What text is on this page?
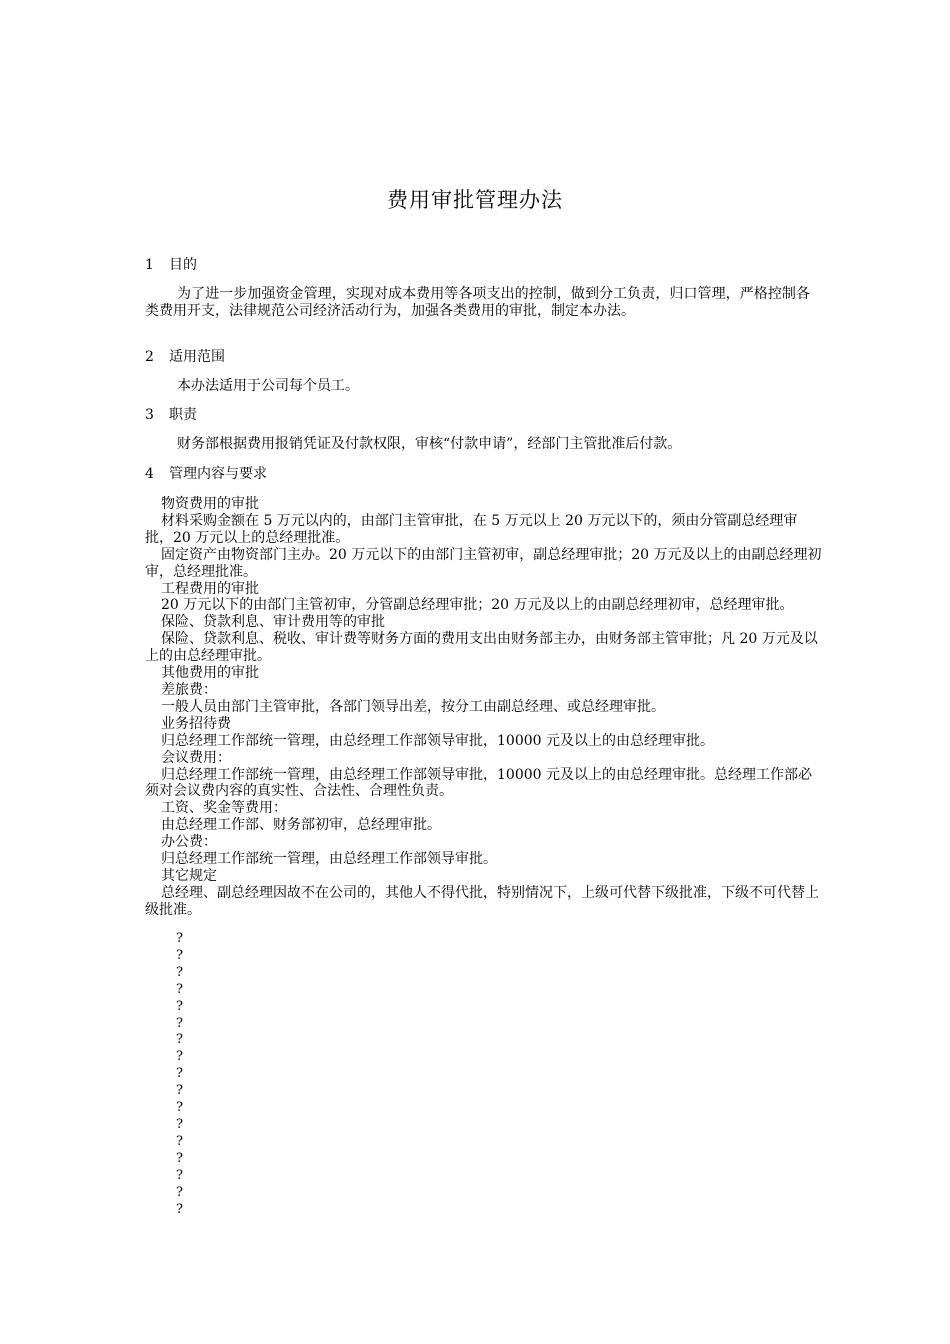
费用审批管理办法
1 目的
为了进一步加强资金管理，实现对成本费用等各项支出的控制，做到分工负责，归口管理，严格控制各类费用开支，法律规范公司经济活动行为，加强各类费用的审批，制定本办法。
2 适用范围
本办法适用于公司每个员工。
3 职责
财务部根据费用报销凭证及付款权限，审核“付款申请”，经部门主管批准后付款。
4 管理内容与要求
物资费用的审批
材料采购金额在 5 万元以内的，由部门主管审批，在 5 万元以上 20 万元以下的，须由分管副总经理审批，20 万元以上的总经理批准。
固定资产由物资部门主办。20 万元以下的由部门主管初审，副总经理审批；20 万元及以上的由副总经理初审，总经理批准。
工程费用的审批
20 万元以下的由部门主管初审，分管副总经理审批；20 万元及以上的由副总经理初审，总经理审批。
保险、贷款利息、审计费用等的审批
保险、贷款利息、税收、审计费等财务方面的费用支出由财务部主办，由财务部主管审批；凡 20 万元及以上的由总经理审批。
其他费用的审批
差旅费：
一般人员由部门主管审批，各部门领导出差，按分工由副总经理、或总经理审批。
业务招待费
归总经理工作部统一管理，由总经理工作部领导审批，10000 元及以上的由总经理审批。
会议费用：
归总经理工作部统一管理，由总经理工作部领导审批，10000 元及以上的由总经理审批。总经理工作部必须对会议费内容的真实性、合法性、合理性负责。
工资、奖金等费用：
由总经理工作部、财务部初审，总经理审批。
办公费：
归总经理工作部统一管理，由总经理工作部领导审批。
其它规定
总经理、副总经理因故不在公司的，其他人不得代批，特别情况下，上级可代替下级批准，下级不可代替上级批准。
?
?
?
?
?
?
?
?
?
?
?
?
?
?
?
?
?
